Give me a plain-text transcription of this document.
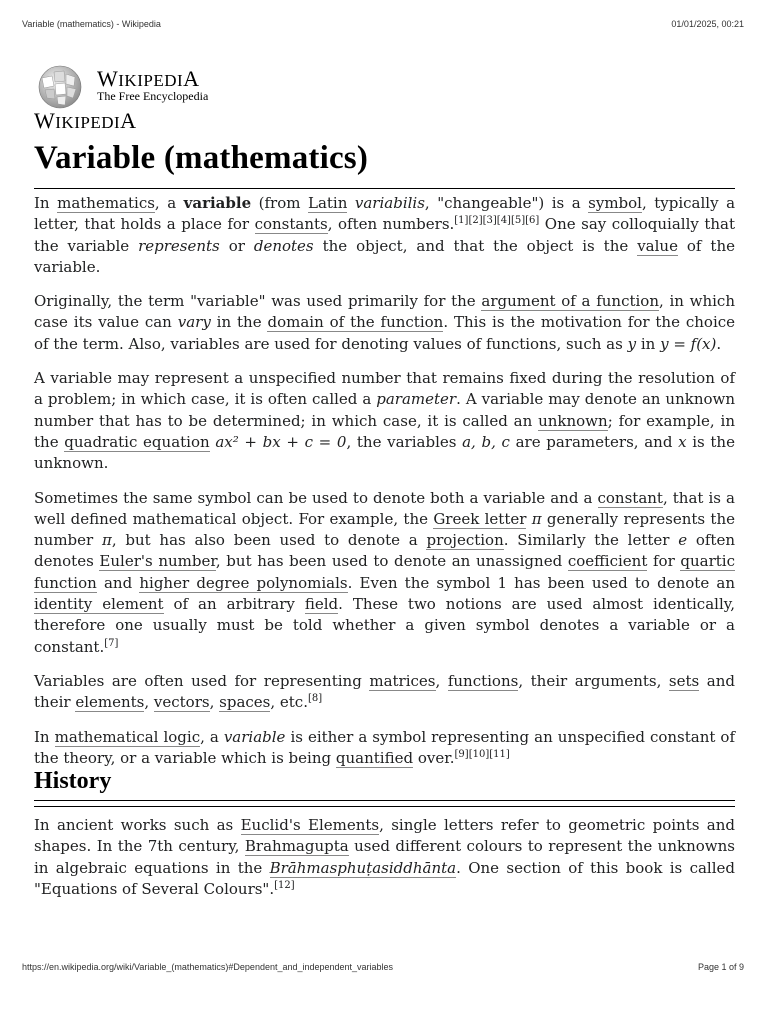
Variable (mathematics) - Wikipedia	01/01/2025, 00:21
WIKIPEDIA
The Free Encyclopedia
WIKIPEDIA
Variable (mathematics)

In mathematics, a variable (from Latin variabilis, "changeable") is a symbol, typically a letter, that holds a place for constants, often numbers.[1][2][3][4][5][6] One say colloquially that the variable represents or denotes the object, and that the object is the value of the variable.

Originally, the term "variable" was used primarily for the argument of a function, in which case its value can vary in the domain of the function. This is the motivation for the choice of the term. Also, variables are used for denoting values of functions, such as y in y = f(x).

A variable may represent a unspecified number that remains fixed during the resolution of a problem; in which case, it is often called a parameter. A variable may denote an unknown number that has to be determined; in which case, it is called an unknown; for example, in the quadratic equation ax² + bx + c = 0, the variables a, b, c are parameters, and x is the unknown.

Sometimes the same symbol can be used to denote both a variable and a constant, that is a well defined mathematical object. For example, the Greek letter π generally represents the number π, but has also been used to denote a projection. Similarly the letter e often denotes Euler's number, but has been used to denote an unassigned coefficient for quartic function and higher degree polynomials. Even the symbol 1 has been used to denote an identity element of an arbitrary field. These two notions are used almost identically, therefore one usually must be told whether a given symbol denotes a variable or a constant.[7]

Variables are often used for representing matrices, functions, their arguments, sets and their elements, vectors, spaces, etc.[8]

In mathematical logic, a variable is either a symbol representing an unspecified constant of the theory, or a variable which is being quantified over.[9][10][11]

History

In ancient works such as Euclid's Elements, single letters refer to geometric points and shapes. In the 7th century, Brahmagupta used different colours to represent the unknowns in algebraic equations in the Brāhmasphuṭasiddhānta. One section of this book is called "Equations of Several Colours".[12]

https://en.wikipedia.org/wiki/Variable_(mathematics)#Dependent_and_independent_variables	Page 1 of 9
